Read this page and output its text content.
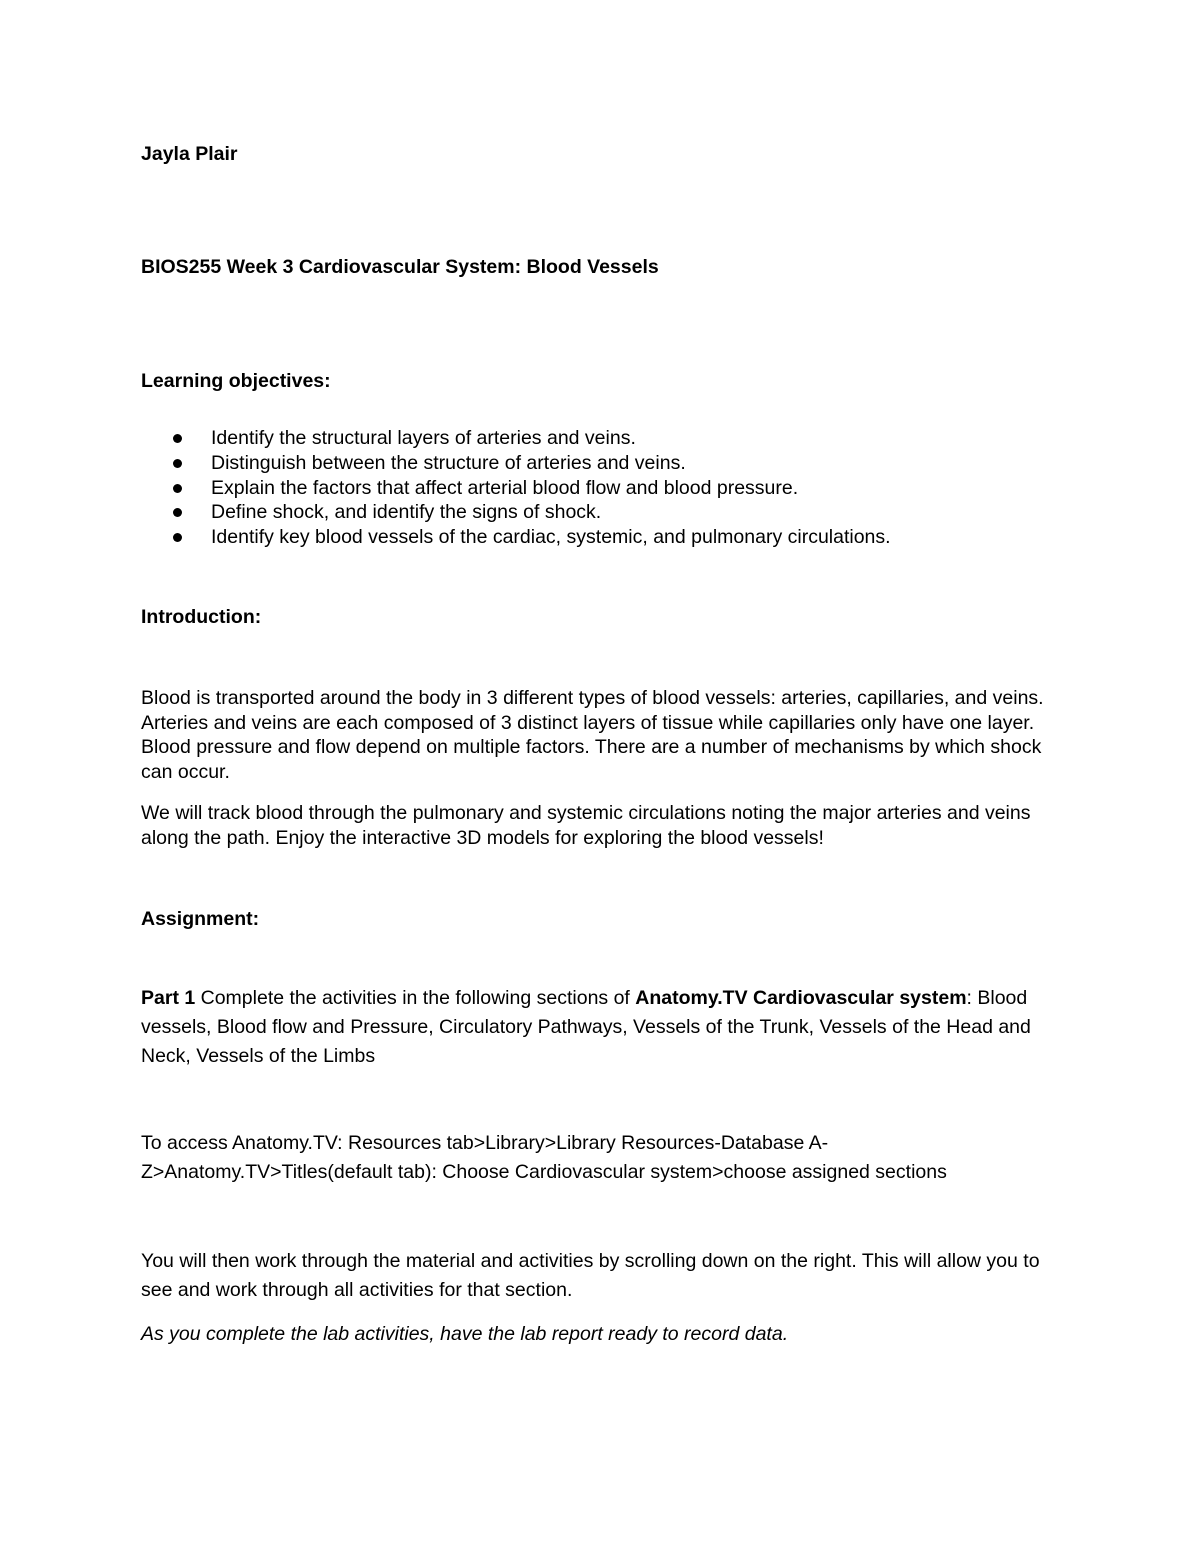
Jayla Plair

BIOS255 Week 3 Cardiovascular System: Blood Vessels

Learning objectives:

Identify the structural layers of arteries and veins.
Distinguish between the structure of arteries and veins.
Explain the factors that affect arterial blood flow and blood pressure.
Define shock, and identify the signs of shock.
Identify key blood vessels of the cardiac, systemic, and pulmonary circulations.

Introduction:

Blood is transported around the body in 3 different types of blood vessels: arteries, capillaries, and veins. Arteries and veins are each composed of 3 distinct layers of tissue while capillaries only have one layer. Blood pressure and flow depend on multiple factors. There are a number of mechanisms by which shock can occur.

We will track blood through the pulmonary and systemic circulations noting the major arteries and veins along the path. Enjoy the interactive 3D models for exploring the blood vessels!

Assignment:

Part 1 Complete the activities in the following sections of Anatomy.TV Cardiovascular system: Blood vessels, Blood flow and Pressure, Circulatory Pathways, Vessels of the Trunk, Vessels of the Head and Neck, Vessels of the Limbs

To access Anatomy.TV: Resources tab>Library>Library Resources-Database A-Z>Anatomy.TV>Titles(default tab): Choose Cardiovascular system>choose assigned sections

You will then work through the material and activities by scrolling down on the right. This will allow you to see and work through all activities for that section.

As you complete the lab activities, have the lab report ready to record data.
